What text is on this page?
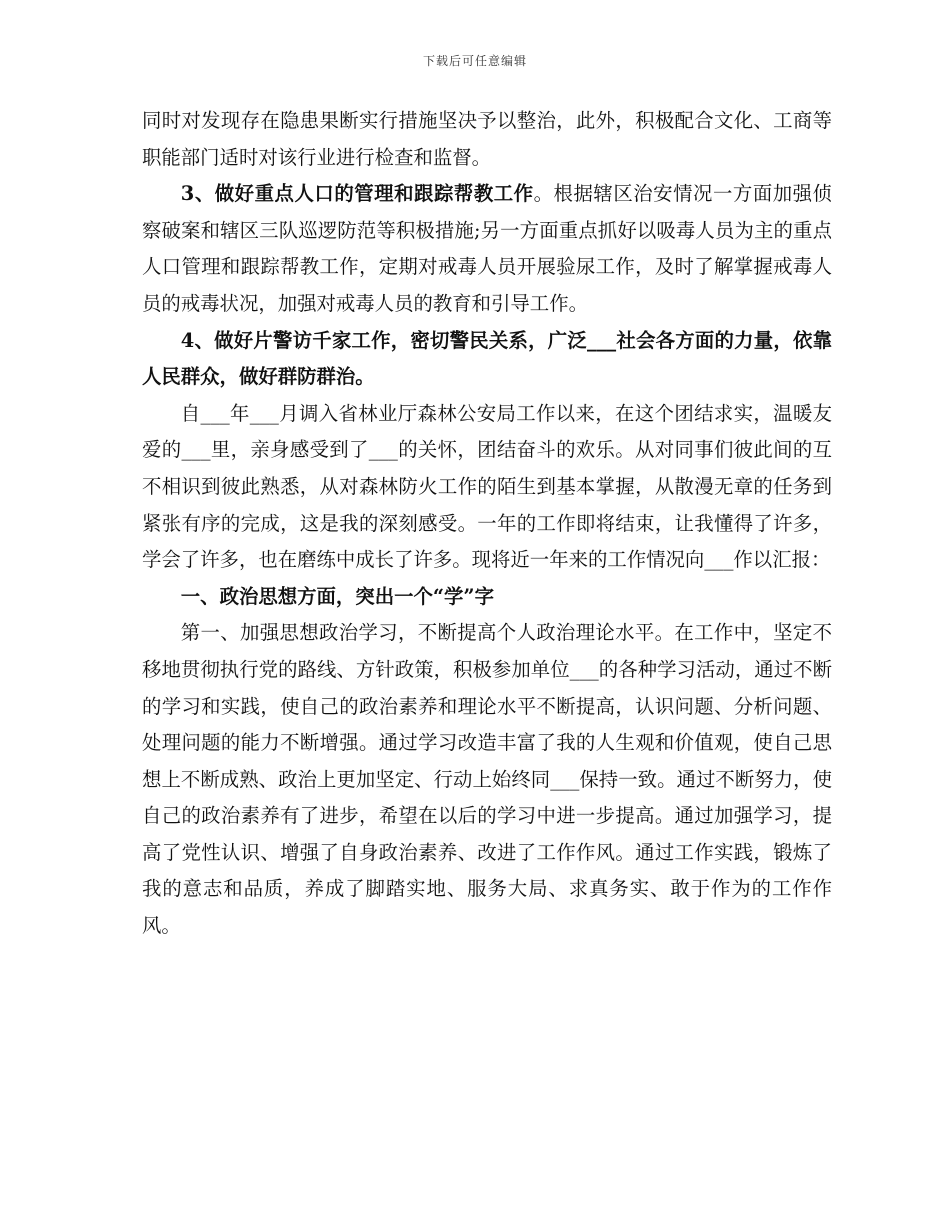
下载后可任意编辑

同时对发现存在隐患果断实行措施坚决予以整治，此外，积极配合文化、工商等职能部门适时对该行业进行检查和监督。

3、做好重点人口的管理和跟踪帮教工作。根据辖区治安情况一方面加强侦察破案和辖区三队巡逻防范等积极措施;另一方面重点抓好以吸毒人员为主的重点人口管理和跟踪帮教工作，定期对戒毒人员开展验尿工作，及时了解掌握戒毒人员的戒毒状况，加强对戒毒人员的教育和引导工作。

4、做好片警访千家工作，密切警民关系，广泛___社会各方面的力量，依靠人民群众，做好群防群治。

自___年___月调入省林业厅森林公安局工作以来，在这个团结求实，温暖友爱的___里，亲身感受到了___的关怀，团结奋斗的欢乐。从对同事们彼此间的互不相识到彼此熟悉，从对森林防火工作的陌生到基本掌握，从散漫无章的任务到紧张有序的完成，这是我的深刻感受。一年的工作即将结束，让我懂得了许多，学会了许多，也在磨练中成长了许多。现将近一年来的工作情况向___作以汇报：

一、政治思想方面，突出一个“学”字

第一、加强思想政治学习，不断提高个人政治理论水平。在工作中，坚定不移地贯彻执行党的路线、方针政策，积极参加单位___的各种学习活动，通过不断的学习和实践，使自己的政治素养和理论水平不断提高，认识问题、分析问题、处理问题的能力不断增强。通过学习改造丰富了我的人生观和价值观，使自己思想上不断成熟、政治上更加坚定、行动上始终同___保持一致。通过不断努力，使自己的政治素养有了进步，希望在以后的学习中进一步提高。通过加强学习，提高了党性认识、增强了自身政治素养、改进了工作作风。通过工作实践，锻炼了我的意志和品质，养成了脚踏实地、服务大局、求真务实、敢于作为的工作作风。
